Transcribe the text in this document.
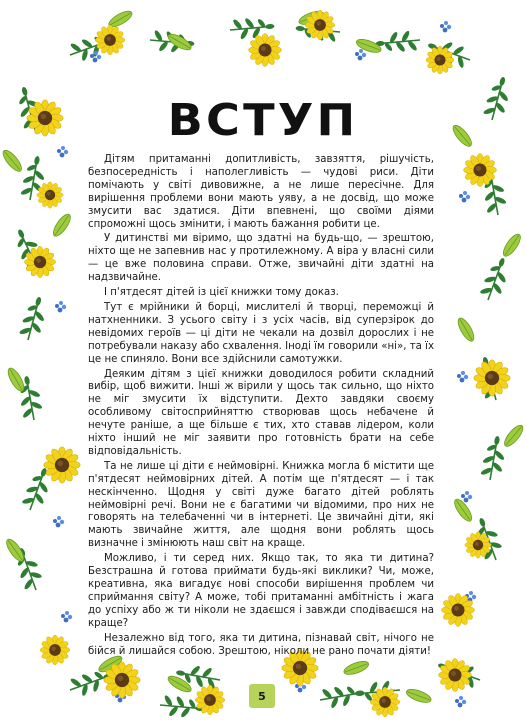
ВСТУП

Дітям притаманні допитливість, завзяття, рішучість, безпосередність і наполегливість — чудові риси. Діти помічають у світі дивовижне, а не лише пересічне. Для вирішення проблеми вони мають уяву, а не досвід, що може змусити вас здатися. Діти впевнені, що своїми діями спроможні щось змінити, і мають бажання робити це.

У дитинстві ми віримо, що здатні на будь-що, — зрештою, ніхто ще не запевнив нас у протилежному. А віра у власні сили — це вже половина справи. Отже, звичайні діти здатні на надзвичайне.

І п'ятдесят дітей із цієї книжки тому доказ.

Тут є мрійники й борці, мислителі й творці, переможці й натхненники. З усього світу і з усіх часів, від суперзірок до невідомих героїв — ці діти не чекали на дозвіл дорослих і не потребували наказу або схвалення. Іноді їм говорили «ні», та їх це не спиняло. Вони все здійснили самотужки.

Деяким дітям з цієї книжки доводилося робити складний вибір, щоб вижити. Інші ж вірили у щось так сильно, що ніхто не міг змусити їх відступити. Дехто завдяки своєму особливому світосприйняттю створював щось небачене й нечуте раніше, а ще більше є тих, хто ставав лідером, коли ніхто інший не міг заявити про готовність брати на себе відповідальність.

Та не лише ці діти є неймовірні. Книжка могла б містити ще п'ятдесят неймовірних дітей. А потім ще п'ятдесят — і так нескінченно. Щодня у світі дуже багато дітей роблять неймовірні речі. Вони не є багатими чи відомими, про них не говорять на телебаченні чи в інтернеті. Це звичайні діти, які мають звичайне життя, але щодня вони роблять щось визначне і змінюють наш світ на краще.

Можливо, і ти серед них. Якщо так, то яка ти дитина? Безстрашна й готова приймати будь-які виклики? Чи, може, креативна, яка вигадує нові способи вирішення проблем чи сприймання світу? А може, тобі притаманні амбітність і жага до успіху або ж ти ніколи не здаєшся і завжди сподіваєшся на краще?

Незалежно від того, яка ти дитина, пізнавай світ, нічого не бійся й лишайся собою. Зрештою, ніколи не рано почати діяти!

5
